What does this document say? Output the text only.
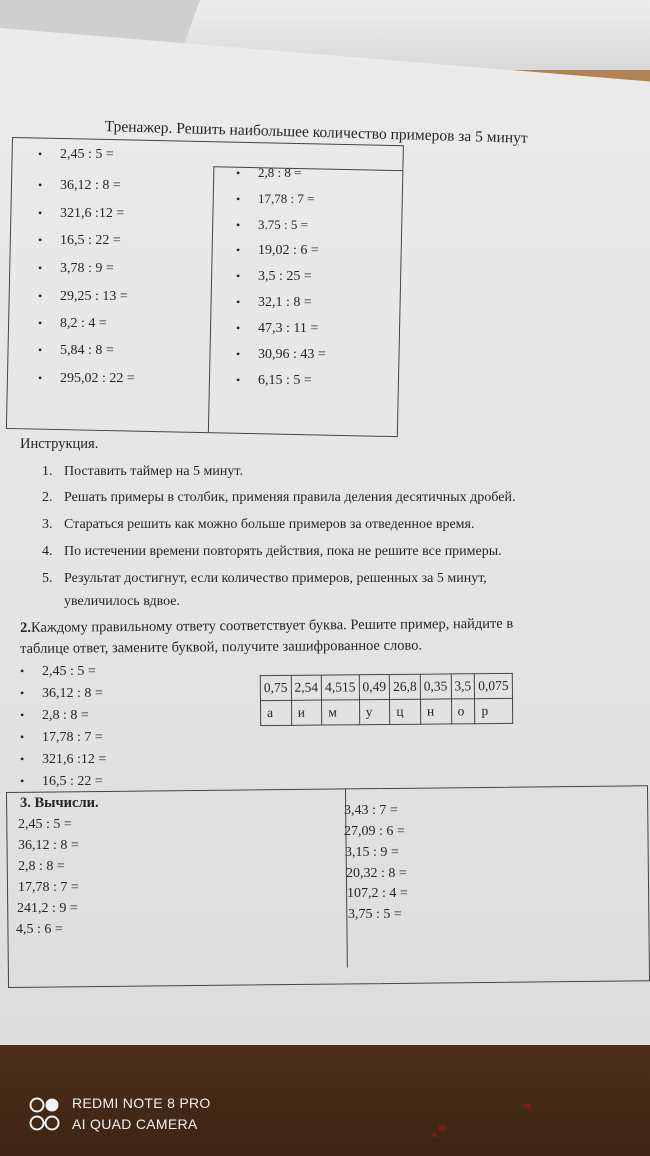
Тренажер. Решить наибольшее количество примеров за 5 минут
• 2,45 : 5 =
• 36,12 : 8 =
• 321,6 :12 =
• 16,5 : 22 =
• 3,78 : 9 =
• 29,25 : 13 =
• 8,2 : 4 =
• 5,84 : 8 =
• 295,02 : 22 =
• 2,8 : 8 =
• 17,78 : 7 =
• 3.75 : 5 =
• 19,02 : 6 =
• 3,5 : 25 =
• 32,1 : 8 =
• 47,3 : 11 =
• 30,96 : 43 =
• 6,15 : 5 =
Инструкция.
1. Поставить таймер на 5 минут.
2. Решать примеры в столбик, применяя правила деления десятичных дробей.
3. Стараться решить как можно больше примеров за отведенное время.
4. По истечении времени повторять действия, пока не решите все примеры.
5. Результат достигнут, если количество примеров, решенных за 5 минут,
увеличилось вдвое.
2.Каждому правильному ответу соответствует буква. Решите пример, найдите в
таблице ответ, замените буквой, получите зашифрованное слово.
• 2,45 : 5 =
• 36,12 : 8 =
• 2,8 : 8 =
• 17,78 : 7 =
• 321,6 :12 =
• 16,5 : 22 =
0,75	2,54	4,515	0,49	26,8	0,35	3,5	0,075
а	и	м	у	ц	н	о	р
3. Вычисли.
2,45 : 5 =
36,12 : 8 =
2,8 : 8 =
17,78 : 7 =
241,2 : 9 =
4,5 : 6 =
3,43 : 7 =
27,09 : 6 =
3,15 : 9 =
20,32 : 8 =
107,2 : 4 =
3,75 : 5 =
REDMI NOTE 8 PRO
AI QUAD CAMERA
